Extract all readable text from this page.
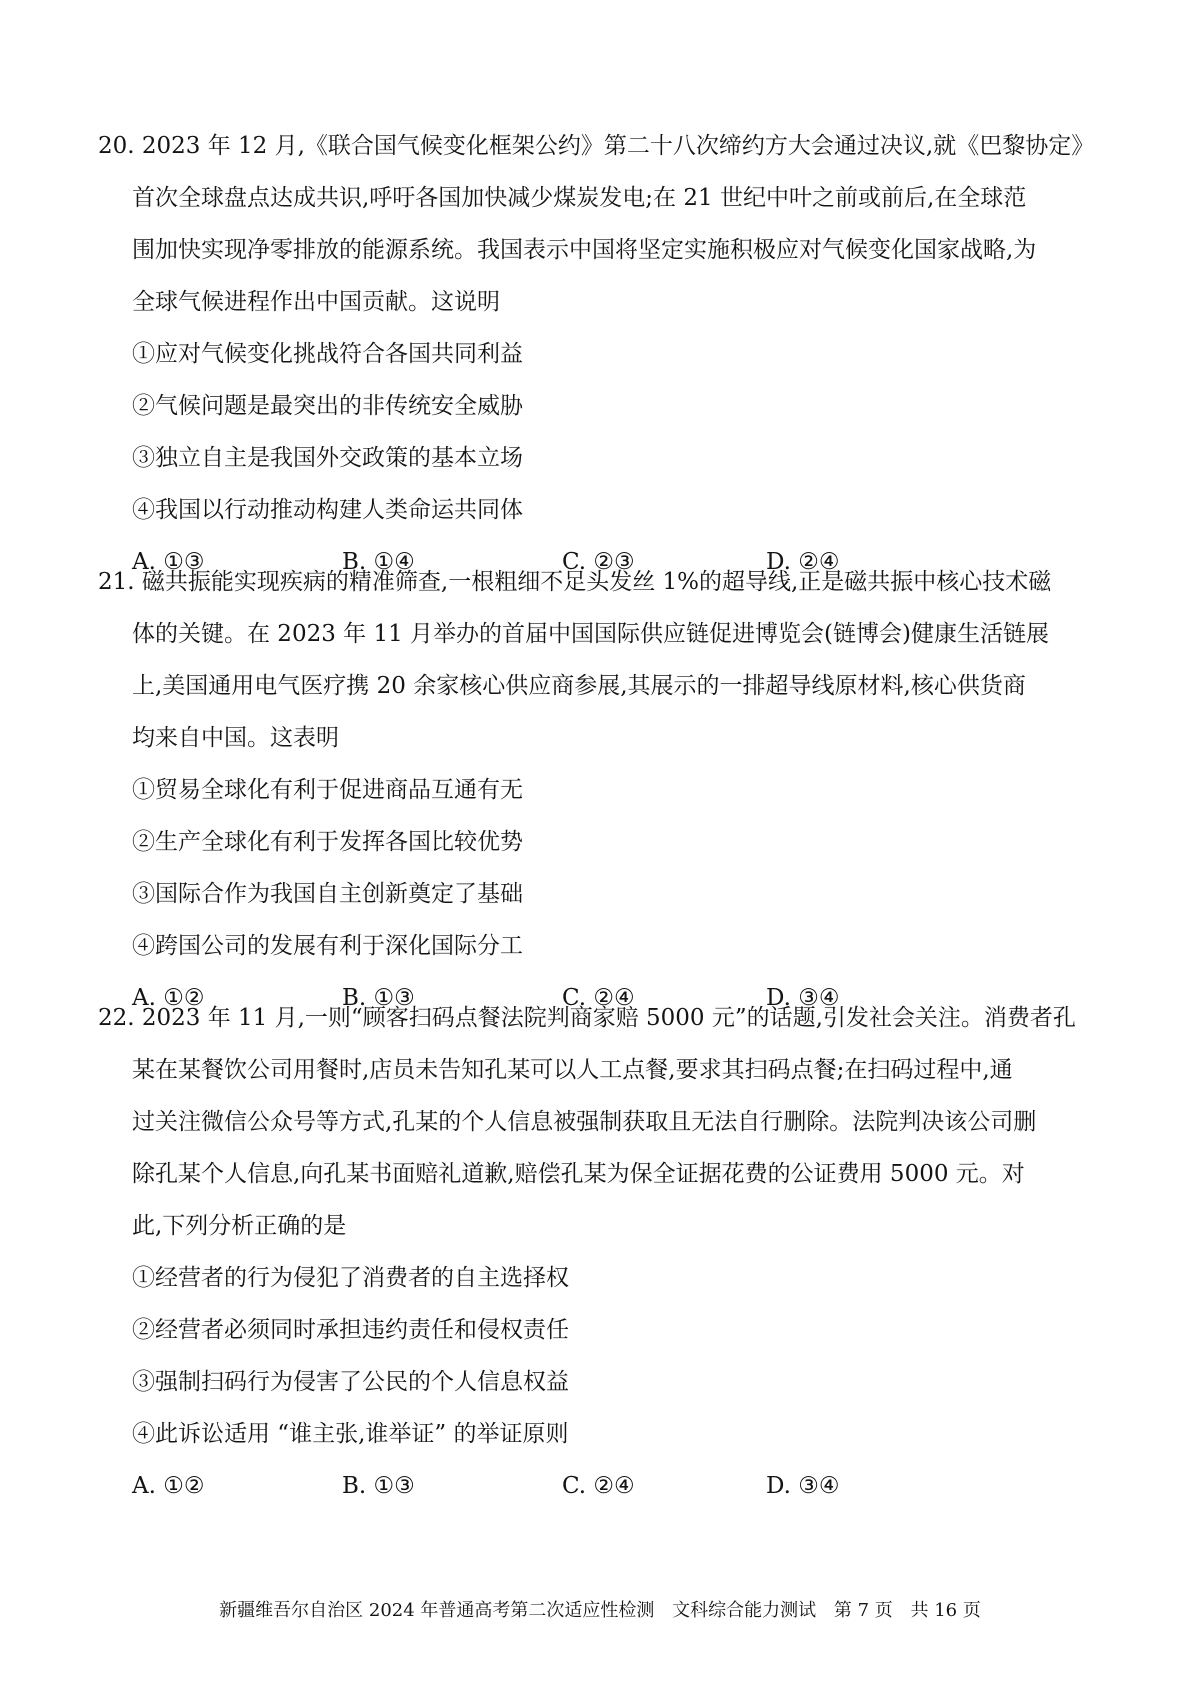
20. 2023 年 12 月,《联合国气候变化框架公约》第二十八次缔约方大会通过决议,就《巴黎协定》
首次全球盘点达成共识,呼吁各国加快减少煤炭发电;在 21 世纪中叶之前或前后,在全球范
围加快实现净零排放的能源系统。我国表示中国将坚定实施积极应对气候变化国家战略,为
全球气候进程作出中国贡献。这说明
①应对气候变化挑战符合各国共同利益
②气候问题是最突出的非传统安全威胁
③独立自主是我国外交政策的基本立场
④我国以行动推动构建人类命运共同体
A. ①③	B. ①④	C. ②③	D. ②④
21. 磁共振能实现疾病的精准筛查,一根粗细不足头发丝 1%的超导线,正是磁共振中核心技术磁
体的关键。在 2023 年 11 月举办的首届中国国际供应链促进博览会(链博会)健康生活链展
上,美国通用电气医疗携 20 余家核心供应商参展,其展示的一排超导线原材料,核心供货商
均来自中国。这表明
①贸易全球化有利于促进商品互通有无
②生产全球化有利于发挥各国比较优势
③国际合作为我国自主创新奠定了基础
④跨国公司的发展有利于深化国际分工
A. ①②	B. ①③	C. ②④	D. ③④
22. 2023 年 11 月,一则“顾客扫码点餐法院判商家赔 5000 元”的话题,引发社会关注。消费者孔
某在某餐饮公司用餐时,店员未告知孔某可以人工点餐,要求其扫码点餐;在扫码过程中,通
过关注微信公众号等方式,孔某的个人信息被强制获取且无法自行删除。法院判决该公司删
除孔某个人信息,向孔某书面赔礼道歉,赔偿孔某为保全证据花费的公证费用 5000 元。对
此,下列分析正确的是
①经营者的行为侵犯了消费者的自主选择权
②经营者必须同时承担违约责任和侵权责任
③强制扫码行为侵害了公民的个人信息权益
④此诉讼适用 “谁主张,谁举证” 的举证原则
A. ①②	B. ①③	C. ②④	D. ③④
新疆维吾尔自治区 2024 年普通高考第二次适应性检测 文科综合能力测试 第 7 页 共 16 页
